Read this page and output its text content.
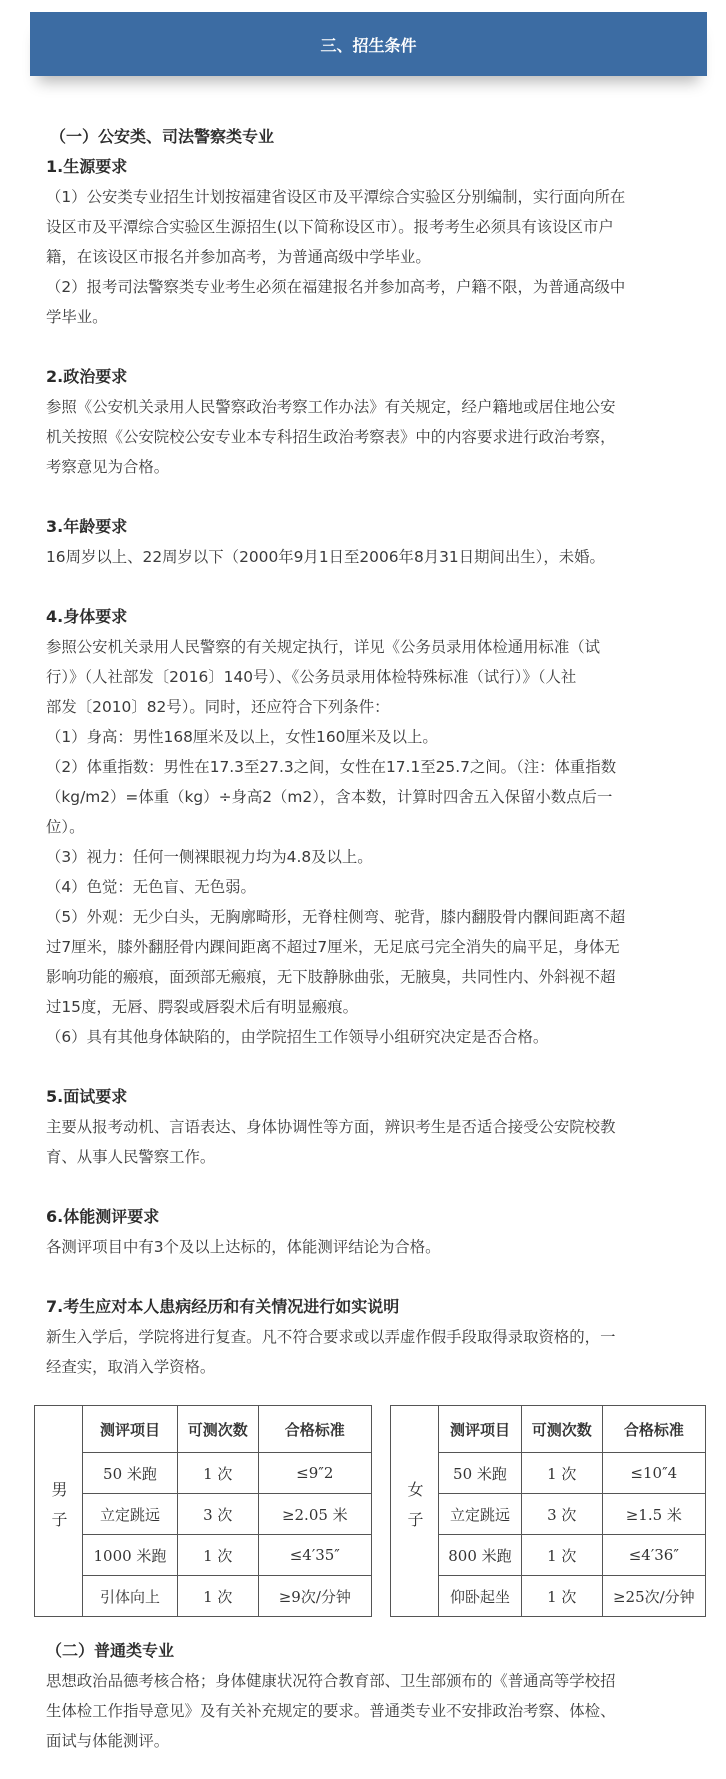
三、招生条件

（一）公安类、司法警察类专业

1.生源要求

（1）公安类专业招生计划按福建省设区市及平潭综合实验区分别编制，实行面向所在

设区市及平潭综合实验区生源招生(以下简称设区市）。报考考生必须具有该设区市户

籍，在该设区市报名并参加高考，为普通高级中学毕业。

（2）报考司法警察类专业考生必须在福建报名并参加高考，户籍不限，为普通高级中

学毕业。

2.政治要求

参照《公安机关录用人民警察政治考察工作办法》有关规定，经户籍地或居住地公安

机关按照《公安院校公安专业本专科招生政治考察表》中的内容要求进行政治考察，

考察意见为合格。

3.年龄要求

16周岁以上、22周岁以下（2000年9月1日至2006年8月31日期间出生），未婚。

4.身体要求

参照公安机关录用人民警察的有关规定执行，详见《公务员录用体检通用标准（试

行）》（人社部发〔2016〕140号）、《公务员录用体检特殊标准（试行）》（人社

部发〔2010〕82号）。同时，还应符合下列条件：

（1）身高：男性168厘米及以上，女性160厘米及以上。

（2）体重指数：男性在17.3至27.3之间，女性在17.1至25.7之间。（注：体重指数

（kg/m2）=体重（kg）÷身高2（m2），含本数，计算时四舍五入保留小数点后一

位）。

（3）视力：任何一侧裸眼视力均为4.8及以上。

（4）色觉：无色盲、无色弱。

（5）外观：无少白头，无胸廓畸形，无脊柱侧弯、驼背，膝内翻股骨内髁间距离不超

过7厘米，膝外翻胫骨内踝间距离不超过7厘米，无足底弓完全消失的扁平足，身体无

影响功能的瘢痕，面颈部无瘢痕，无下肢静脉曲张，无腋臭，共同性内、外斜视不超

过15度，无唇、腭裂或唇裂术后有明显瘢痕。

（6）具有其他身体缺陷的，由学院招生工作领导小组研究决定是否合格。

5.面试要求

主要从报考动机、言语表达、身体协调性等方面，辨识考生是否适合接受公安院校教

育、从事人民警察工作。

6.体能测评要求

各测评项目中有3个及以上达标的，体能测评结论为合格。

7.考生应对本人患病经历和有关情况进行如实说明

新生入学后，学院将进行复查。凡不符合要求或以弄虚作假手段取得录取资格的，一

经查实，取消入学资格。

男子	测评项目	可测次数	合格标准
	50 米跑	1 次	≤9″2
	立定跳远	3 次	≥2.05 米
	1000 米跑	1 次	≤4′35″
	引体向上	1 次	≥9次/分钟
女子	测评项目	可测次数	合格标准
	50 米跑	1 次	≤10″4
	立定跳远	3 次	≥1.5 米
	800 米跑	1 次	≤4′36″
	仰卧起坐	1 次	≥25次/分钟

（二）普通类专业

思想政治品德考核合格；身体健康状况符合教育部、卫生部颁布的《普通高等学校招

生体检工作指导意见》及有关补充规定的要求。普通类专业不安排政治考察、体检、

面试与体能测评。
